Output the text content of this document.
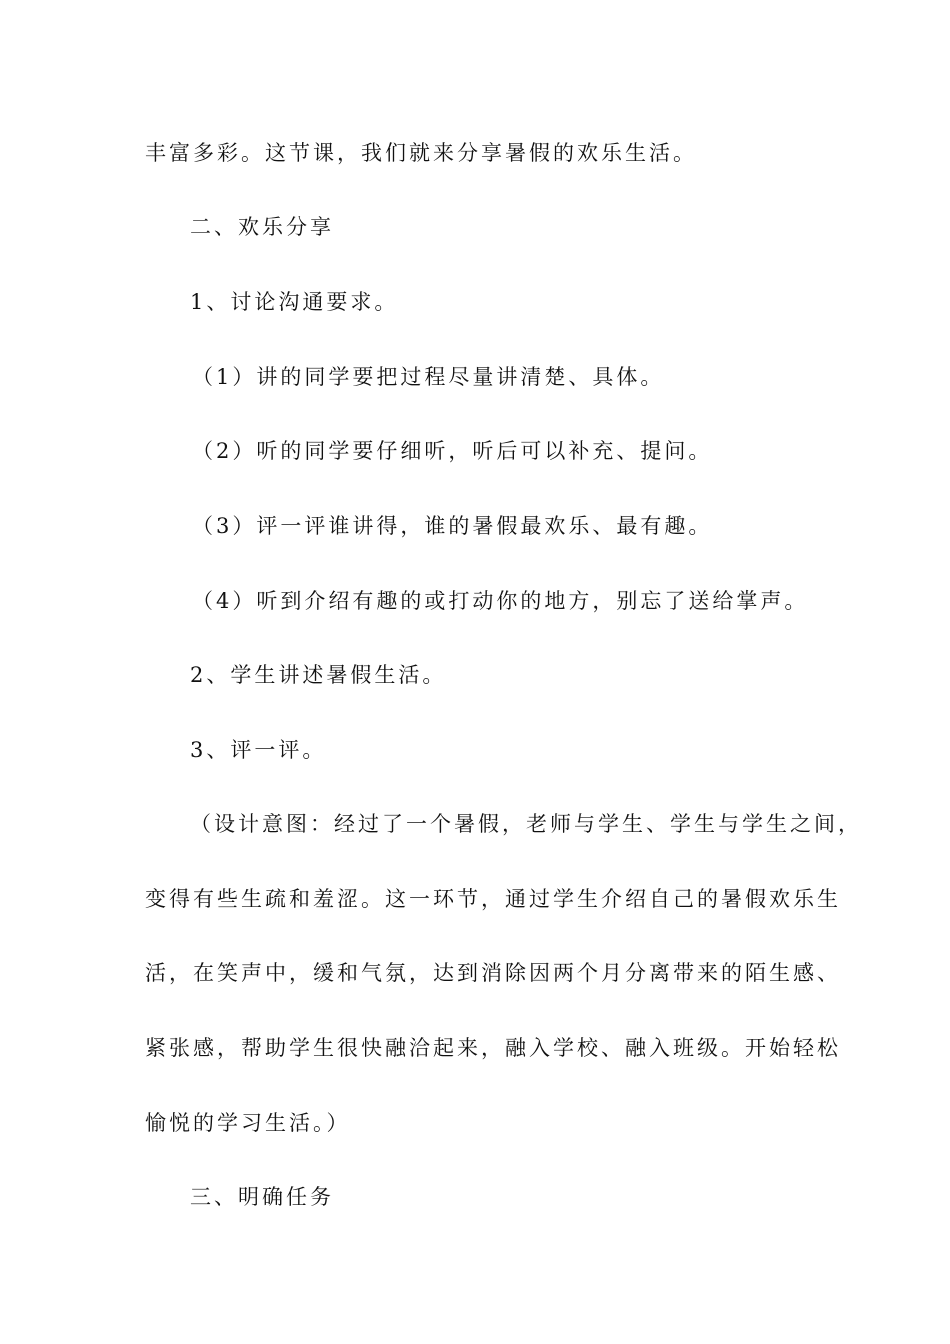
丰富多彩。这节课，我们就来分享暑假的欢乐生活。
二、欢乐分享
1、讨论沟通要求。
（1）讲的同学要把过程尽量讲清楚、具体。
（2）听的同学要仔细听，听后可以补充、提问。
（3）评一评谁讲得，谁的暑假最欢乐、最有趣。
（4）听到介绍有趣的或打动你的地方，别忘了送给掌声。
2、学生讲述暑假生活。
3、评一评。
（设计意图：经过了一个暑假，老师与学生、学生与学生之间，
变得有些生疏和羞涩。这一环节，通过学生介绍自己的暑假欢乐生
活，在笑声中，缓和气氛，达到消除因两个月分离带来的陌生感、
紧张感，帮助学生很快融洽起来，融入学校、融入班级。开始轻松
愉悦的学习生活。）
三、明确任务
